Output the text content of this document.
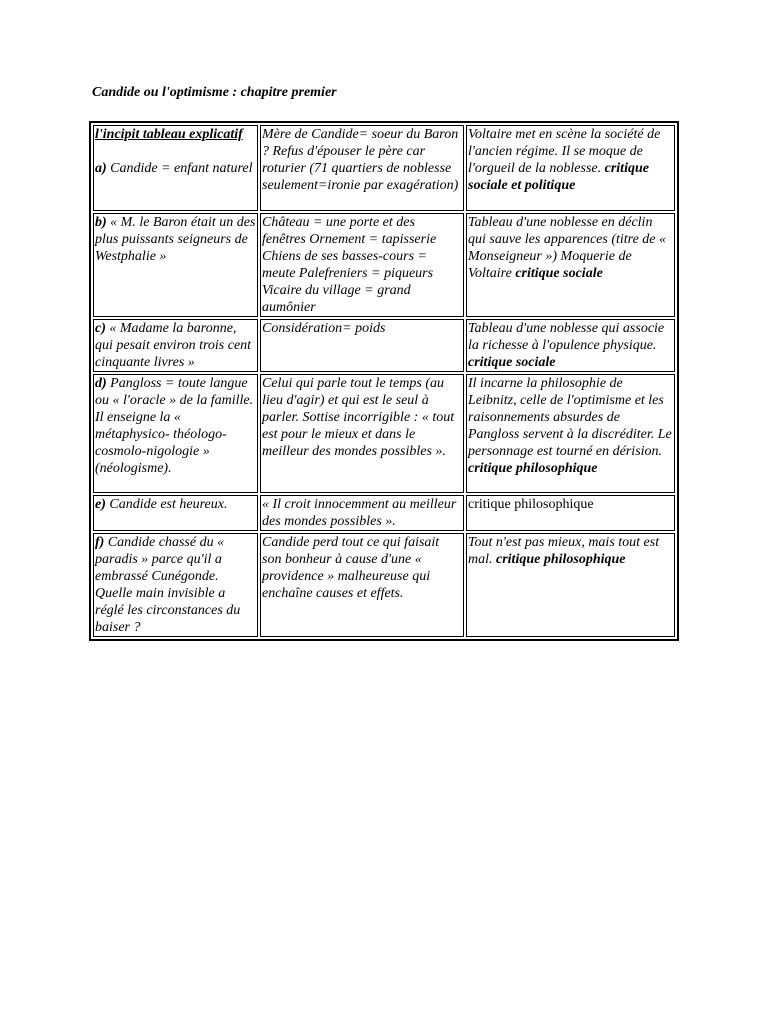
Candide ou l'optimisme : chapitre premier
l'incipit tableau explicatif
a) Candide = enfant naturel	Mère de Candide= soeur du Baron ? Refus d'épouser le père car roturier (71 quartiers de noblesse seulement=ironie par exagération)	Voltaire met en scène la société de l'ancien régime. Il se moque de l'orgueil de la noblesse. critique sociale et politique
b) « M. le Baron était un des plus puissants seigneurs de Westphalie »	Château = une porte et des fenêtres Ornement = tapisserie Chiens de ses basses-cours = meute Palefreniers = piqueurs Vicaire du village = grand aumônier	Tableau d'une noblesse en déclin qui sauve les apparences (titre de « Monseigneur ») Moquerie de Voltaire critique sociale
c) « Madame la baronne, qui pesait environ trois cent cinquante livres »	Considération= poids	Tableau d'une noblesse qui associe la richesse à l'opulence physique. critique sociale
d) Pangloss = toute langue ou « l'oracle » de la famille. Il enseigne la « métaphysico- théologo-cosmolo-nigologie » (néologisme).	Celui qui parle tout le temps (au lieu d'agir) et qui est le seul à parler. Sottise incorrigible : « tout est pour le mieux et dans le meilleur des mondes possibles ».	Il incarne la philosophie de Leibnitz, celle de l'optimisme et les raisonnements absurdes de Pangloss servent à la discréditer. Le personnage est tourné en dérision. critique philosophique
e) Candide est heureux.	« Il croit innocemment au meilleur des mondes possibles ».	critique philosophique
f) Candide chassé du « paradis » parce qu'il a embrassé Cunégonde. Quelle main invisible a réglé les circonstances du baiser ?	Candide perd tout ce qui faisait son bonheur à cause d'une « providence » malheureuse qui enchaîne causes et effets.	Tout n'est pas mieux, mais tout est mal. critique philosophique
